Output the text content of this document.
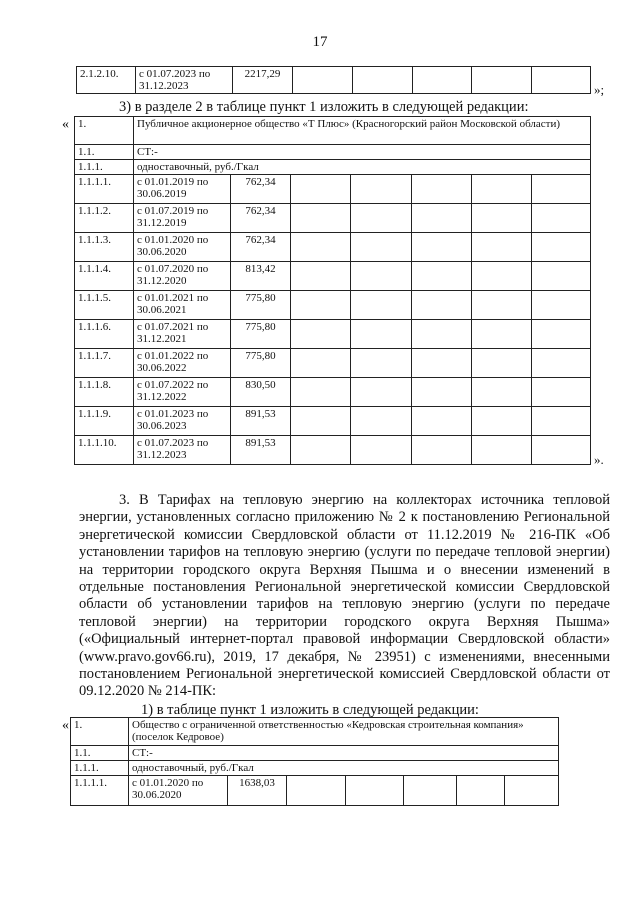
17
2.1.2.10.	с 01.07.2023 по 31.12.2023	2217,29					
»;
3) в разделе 2 в таблице пункт 1 изложить в следующей редакции:
« 1.	Публичное акционерное общество «Т Плюс» (Красногорский район Московской области)						
1.1.	СТ:-						
1.1.1.	одноставочный, руб./Гкал						
1.1.1.1.	с 01.01.2019 по 30.06.2019	762,34					
1.1.1.2.	с 01.07.2019 по 31.12.2019	762,34					
1.1.1.3.	с 01.01.2020 по 30.06.2020	762,34					
1.1.1.4.	с 01.07.2020 по 31.12.2020	813,42					
1.1.1.5.	с 01.01.2021 по 30.06.2021	775,80					
1.1.1.6.	с 01.07.2021 по 31.12.2021	775,80					
1.1.1.7.	с 01.01.2022 по 30.06.2022	775,80					
1.1.1.8.	с 01.07.2022 по 31.12.2022	830,50					
1.1.1.9.	с 01.01.2023 по 30.06.2023	891,53					
1.1.1.10.	с 01.07.2023 по 31.12.2023	891,53					
».

3. В Тарифах на тепловую энергию на коллекторах источника тепловой энергии, установленных согласно приложению № 2 к постановлению Региональной энергетической комиссии Свердловской области от 11.12.2019 № 216-ПК «Об установлении тарифов на тепловую энергию (услуги по передаче тепловой энергии) на территории городского округа Верхняя Пышма и о внесении изменений в отдельные постановления Региональной энергетической комиссии Свердловской области об установлении тарифов на тепловую энергию (услуги по передаче тепловой энергии) на территории городского округа Верхняя Пышма» («Официальный интернет-портал правовой информации Свердловской области» (www.pravo.gov66.ru), 2019, 17 декабря, № 23951) с изменениями, внесенными постановлением Региональной энергетической комиссией Свердловской области от 09.12.2020 № 214-ПК:

1) в таблице пункт 1 изложить в следующей редакции:
« 1.	Общество с ограниченной ответственностью «Кедровская строительная компания» (поселок Кедровое)						
1.1.	СТ:-						
1.1.1.	одноставочный, руб./Гкал						
1.1.1.1.	с 01.01.2020 по 30.06.2020	1638,03					
